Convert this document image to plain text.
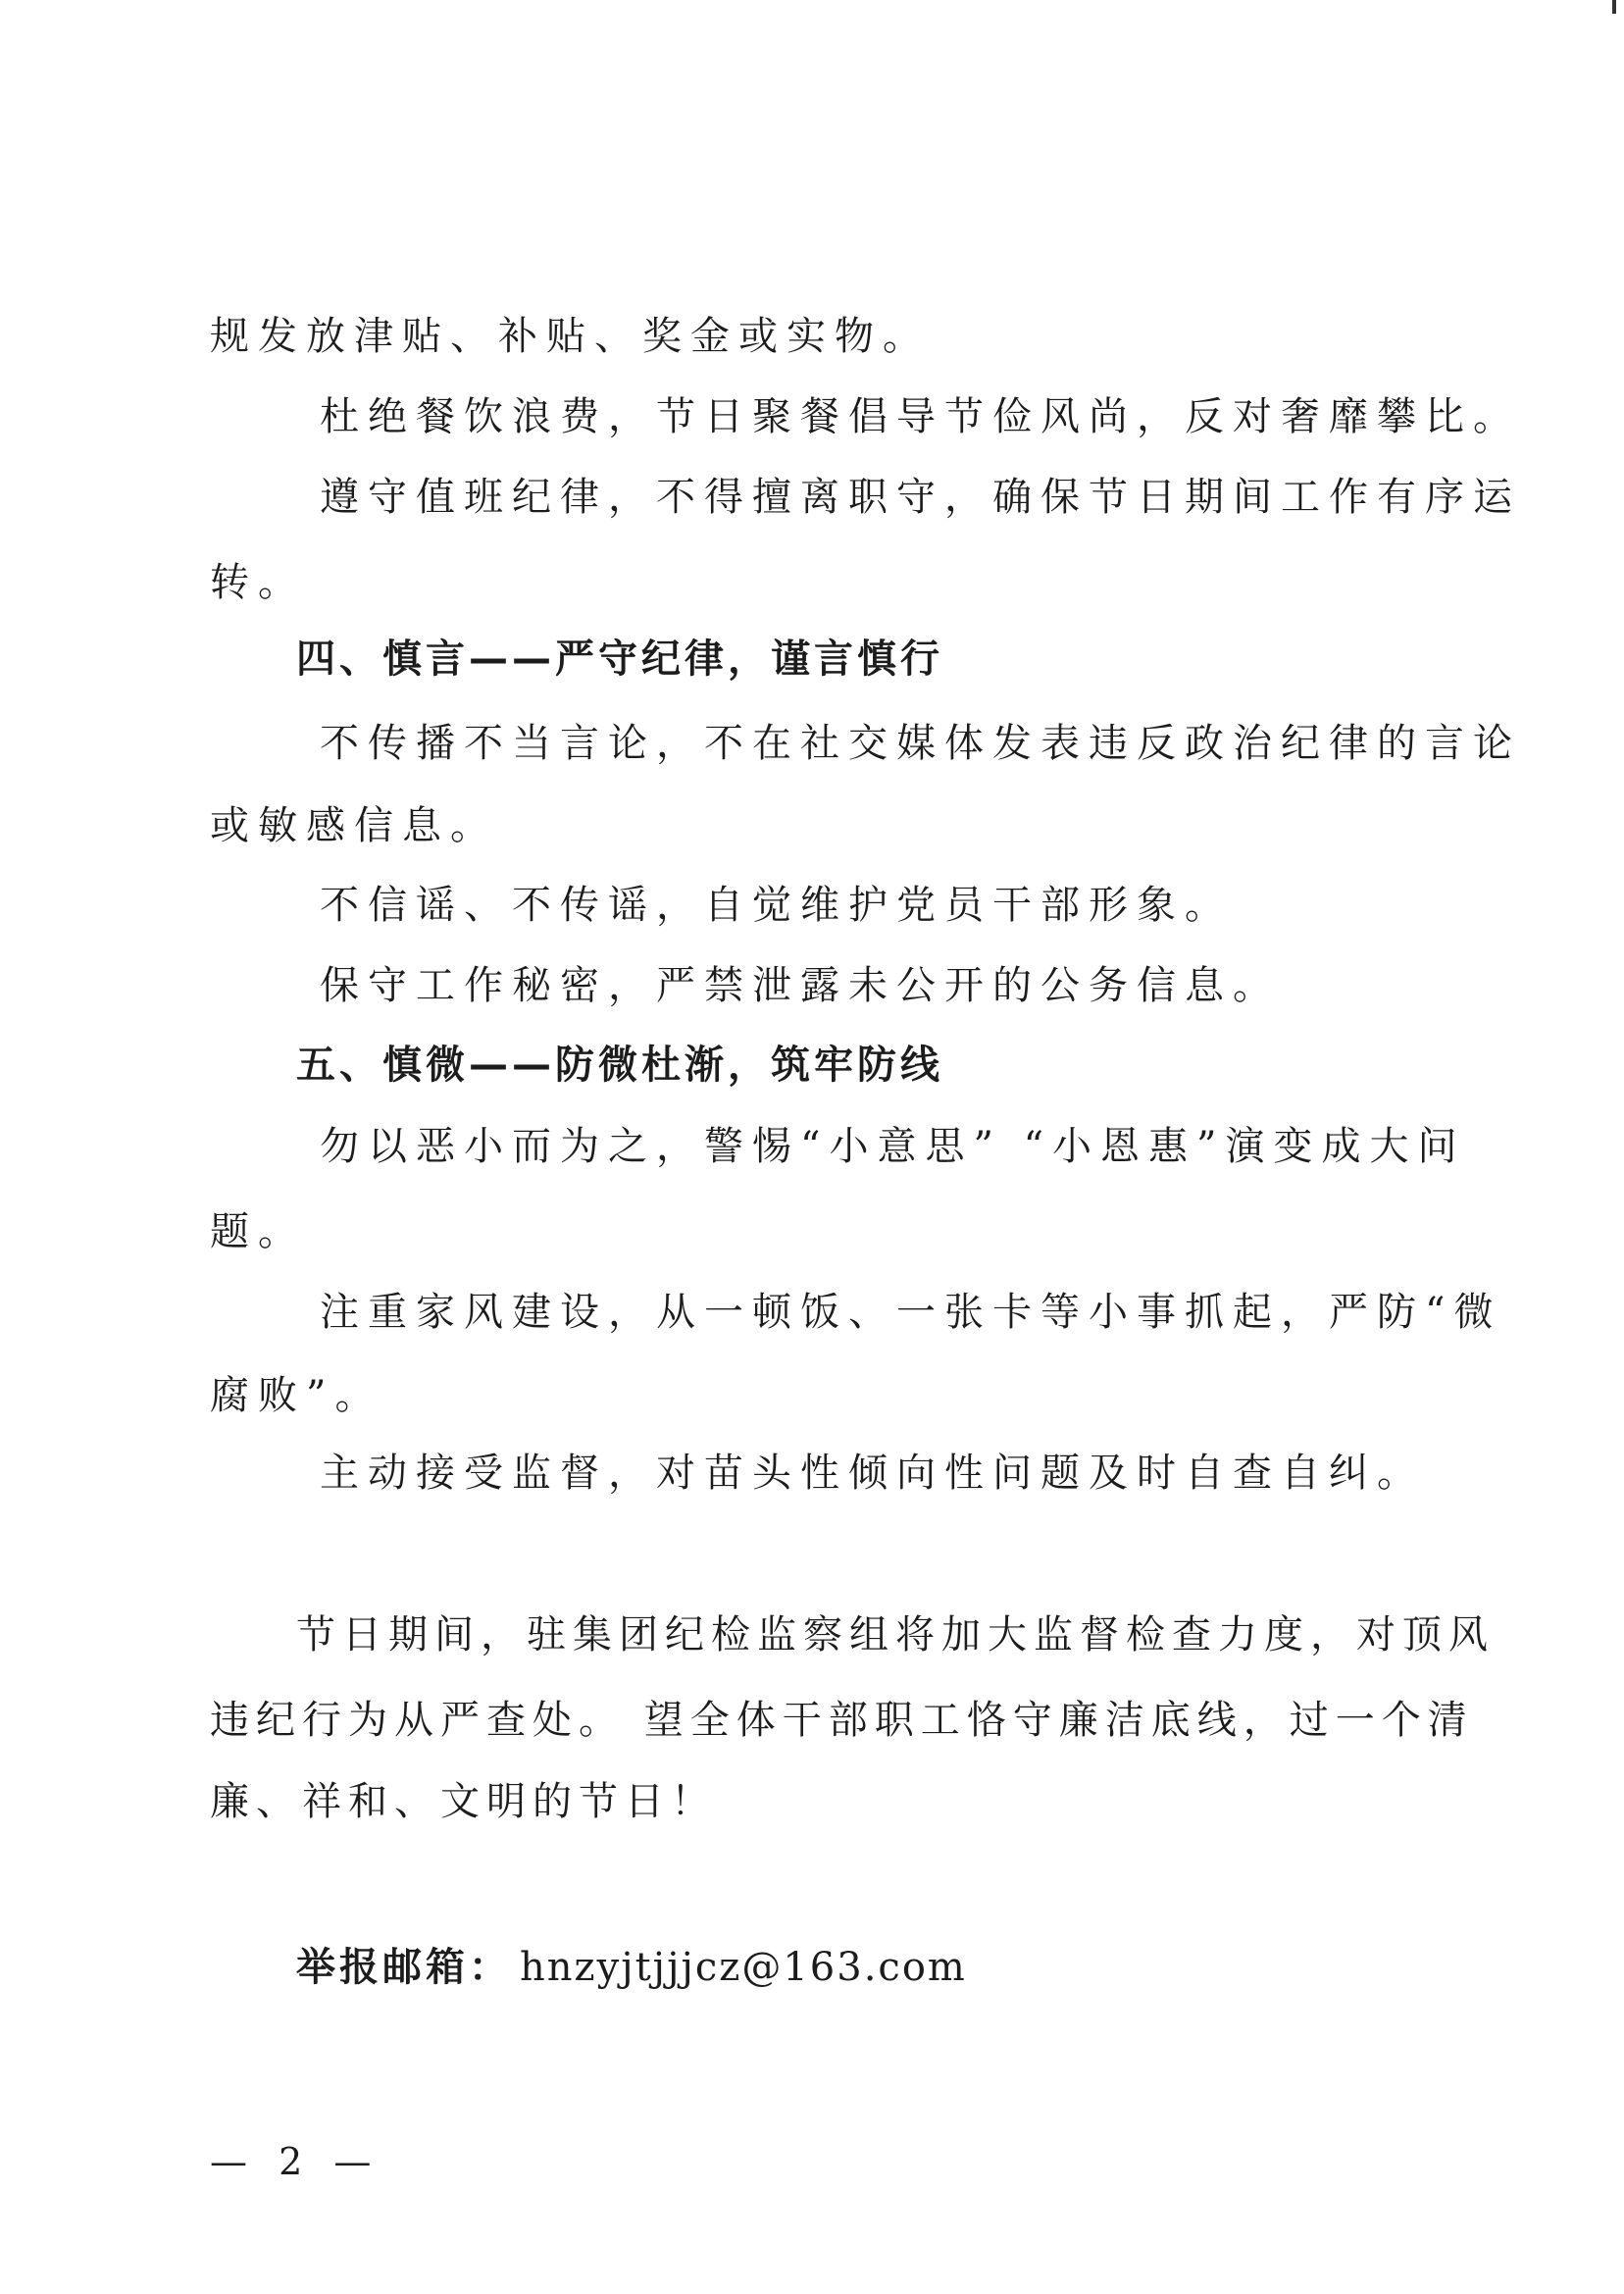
规发放津贴、补贴、奖金或实物。
杜绝餐饮浪费，节日聚餐倡导节俭风尚，反对奢靡攀比。
遵守值班纪律，不得擅离职守，确保节日期间工作有序运
转。
四、慎言——严守纪律，谨言慎行
不传播不当言论，不在社交媒体发表违反政治纪律的言论
或敏感信息。
不信谣、不传谣，自觉维护党员干部形象。
保守工作秘密，严禁泄露未公开的公务信息。
五、慎微——防微杜渐，筑牢防线
勿以恶小而为之，警惕“小意思” “小恩惠”演变成大问
题。
注重家风建设，从一顿饭、一张卡等小事抓起，严防“微
腐败”。
主动接受监督，对苗头性倾向性问题及时自查自纠。
节日期间，驻集团纪检监察组将加大监督检查力度，对顶风
违纪行为从严查处。 望全体干部职工恪守廉洁底线，过一个清
廉、祥和、文明的节日！
举报邮箱： hnzyjtjjjcz@163.com
— 2 —
